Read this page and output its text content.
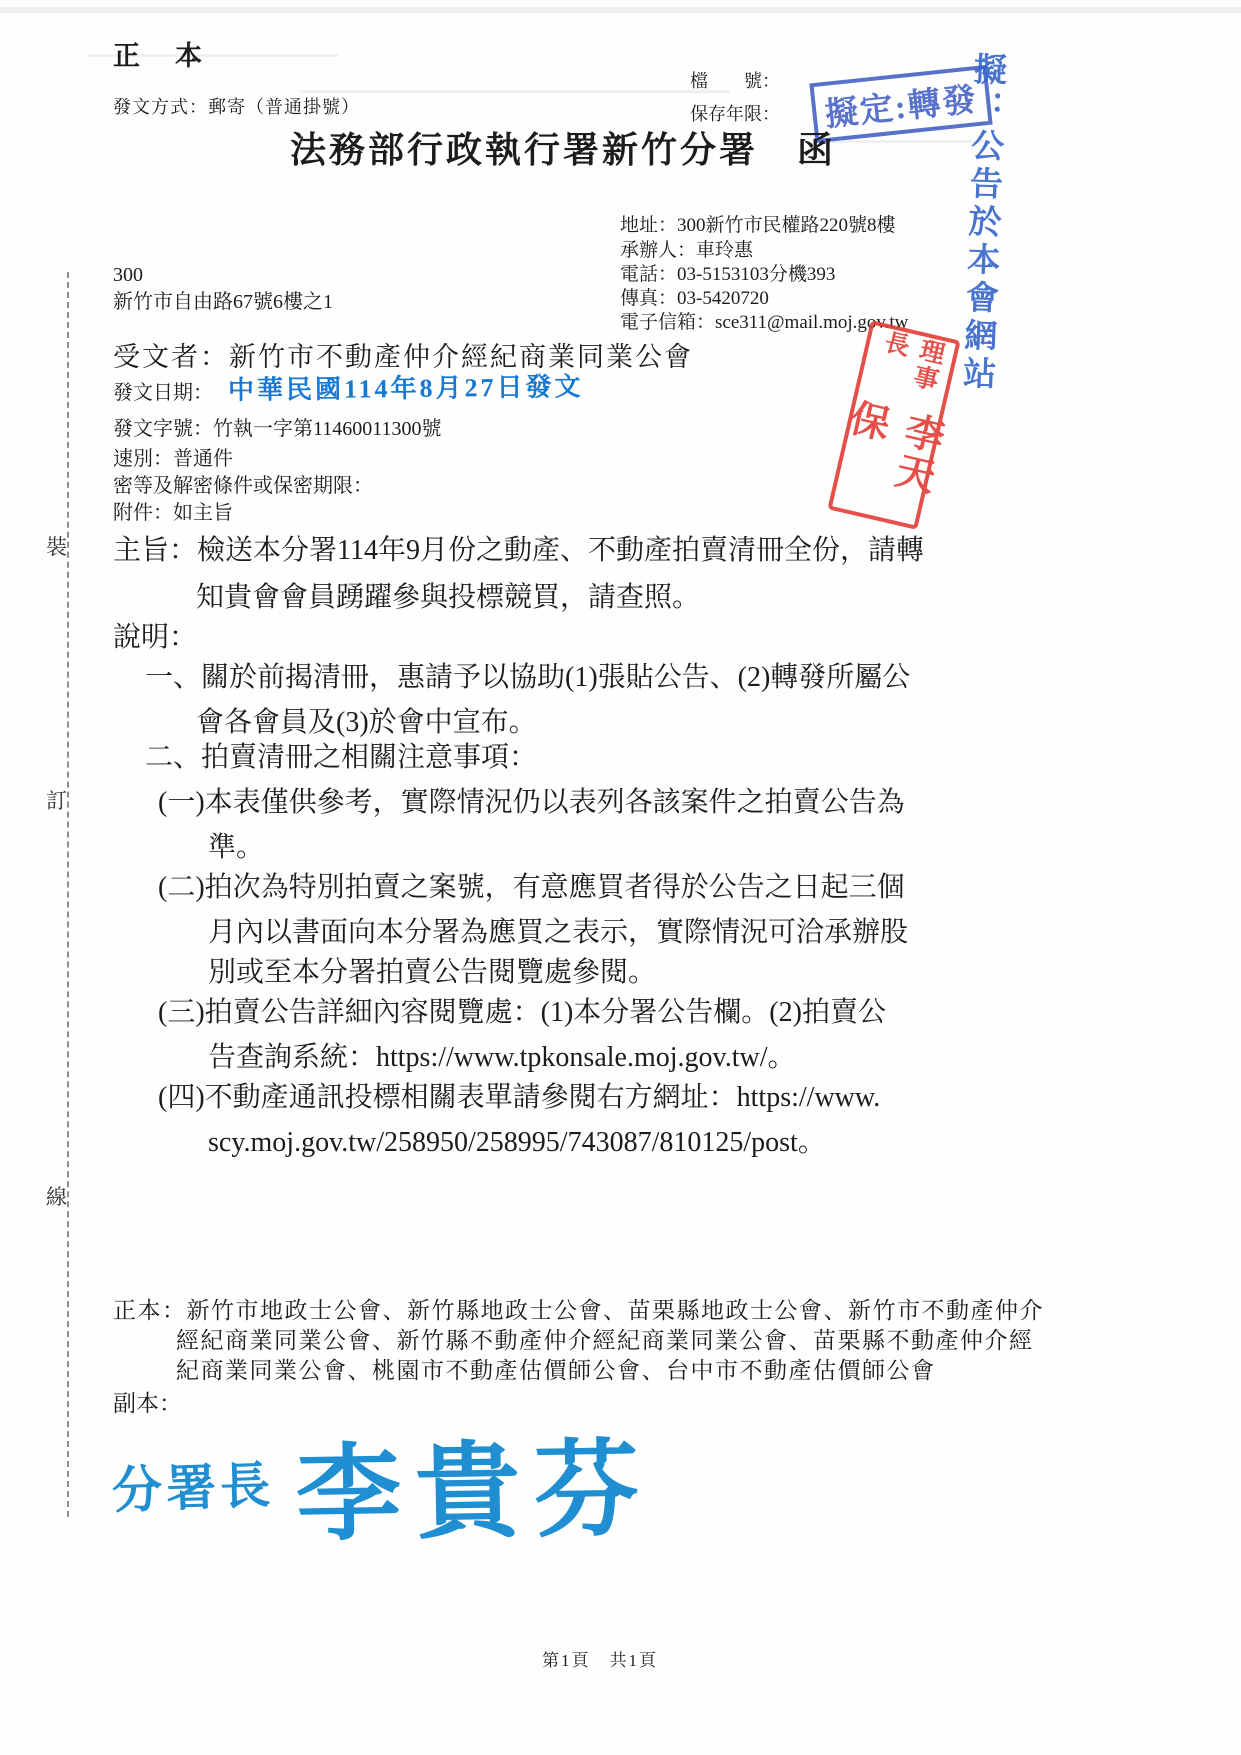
裝
訂
線
正　本
發文方式：郵寄（普通掛號）
檔　　號：
保存年限：	擬定:轉發
擬：公告於本會網站
法務部行政執行署新竹分署　函
地址：300新竹市民權路220號8樓
承辦人：車玲惠
電話：03-5153103分機393
傳真：03-5420720
電子信箱：sce311@mail.moj.gov.tw
300
新竹市自由路67號6樓之1
受文者：新竹市不動產仲介經紀商業同業公會
發文日期： 中華民國114年8月27日發文
發文字號：竹執一字第11460011300號
速別：普通件
密等及解密條件或保密期限：
附件：如主旨
理事長
李天保
主旨：檢送本分署114年9月份之動產、不動產拍賣清冊全份，請轉
知貴會會員踴躍參與投標競買，請查照。
說明：
一、關於前揭清冊，惠請予以協助(1)張貼公告、(2)轉發所屬公
會各會員及(3)於會中宣布。
二、拍賣清冊之相關注意事項：
(一)本表僅供參考，實際情況仍以表列各該案件之拍賣公告為
準。
(二)拍次為特別拍賣之案號，有意應買者得於公告之日起三個
月內以書面向本分署為應買之表示，實際情況可洽承辦股
別或至本分署拍賣公告閱覽處參閱。
(三)拍賣公告詳細內容閱覽處：(1)本分署公告欄。(2)拍賣公
告查詢系統：https://www.tpkonsale.moj.gov.tw/。
(四)不動產通訊投標相關表單請參閱右方網址：https://www.
scy.moj.gov.tw/258950/258995/743087/810125/post。
正本：新竹市地政士公會、新竹縣地政士公會、苗栗縣地政士公會、新竹市不動產仲介
經紀商業同業公會、新竹縣不動產仲介經紀商業同業公會、苗栗縣不動產仲介經
紀商業同業公會、桃園市不動產估價師公會、台中市不動產估價師公會
副本：
分署長 李貴芬
第1頁　共1頁
